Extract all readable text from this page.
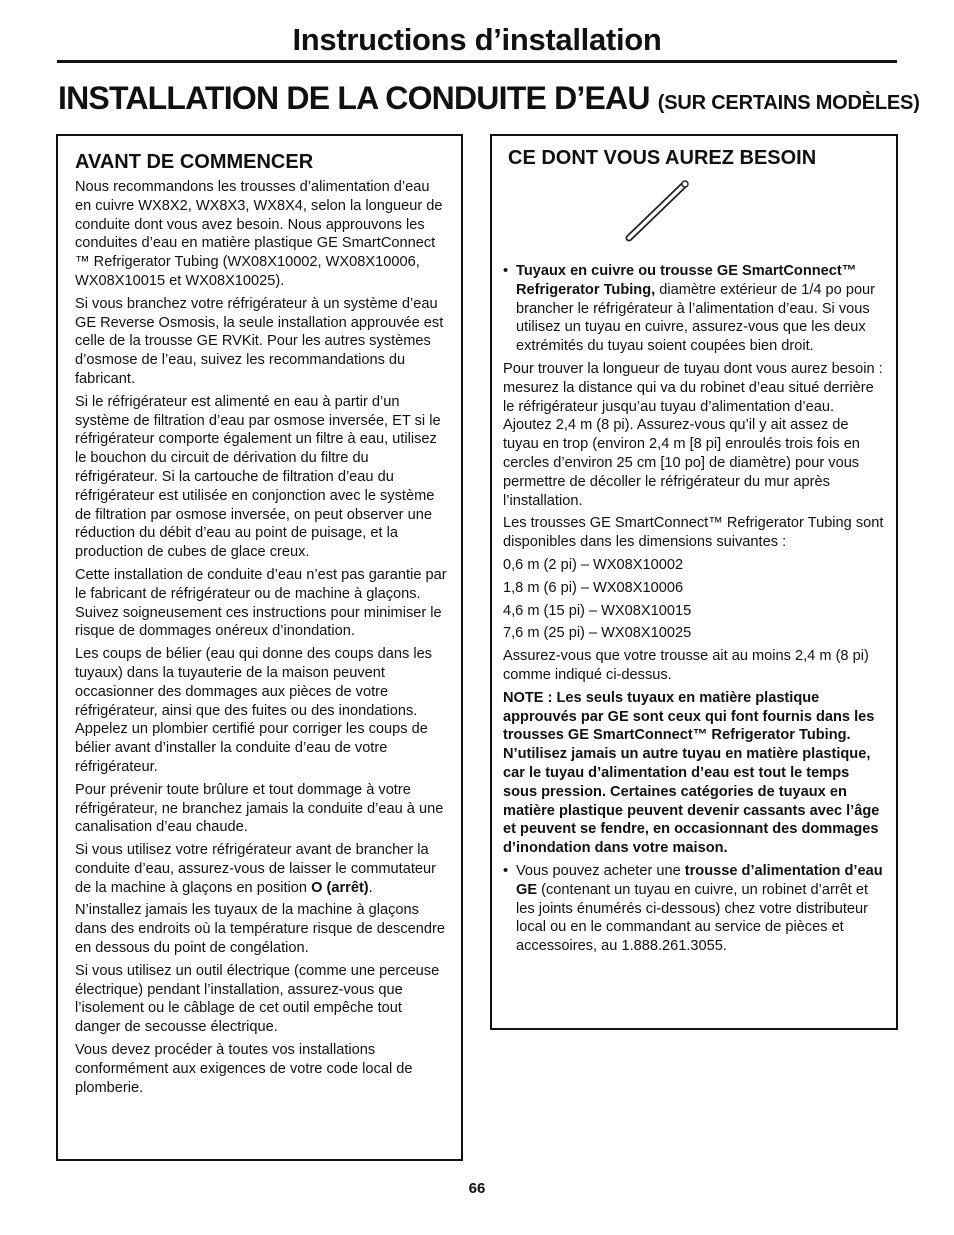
Instructions d’installation
INSTALLATION DE LA CONDUITE D’EAU (SUR CERTAINS MODÈLES)
AVANT DE COMMENCER

Nous recommandons les trousses d’alimentation d’eau en cuivre WX8X2, WX8X3, WX8X4, selon la longueur de conduite dont vous avez besoin. Nous approuvons les conduites d’eau en matière plastique GE SmartConnect ™ Refrigerator Tubing (WX08X10002, WX08X10006, WX08X10015 et WX08X10025).

Si vous branchez votre réfrigérateur à un système d’eau GE Reverse Osmosis, la seule installation approuvée est celle de la trousse GE RVKit. Pour les autres systèmes d’osmose de l’eau, suivez les recommandations du fabricant.

Si le réfrigérateur est alimenté en eau à partir d’un système de filtration d’eau par osmose inversée, ET si le réfrigérateur comporte également un filtre à eau, utilisez le bouchon du circuit de dérivation du filtre du réfrigérateur. Si la cartouche de filtration d’eau du réfrigérateur est utilisée en conjonction avec le système de filtration par osmose inversée, on peut observer une réduction du débit d’eau au point de puisage, et la production de cubes de glace creux.

Cette installation de conduite d’eau n’est pas garantie par le fabricant de réfrigérateur ou de machine à glaçons. Suivez soigneusement ces instructions pour minimiser le risque de dommages onéreux d’inondation.

Les coups de bélier (eau qui donne des coups dans les tuyaux) dans la tuyauterie de la maison peuvent occasionner des dommages aux pièces de votre réfrigérateur, ainsi que des fuites ou des inondations. Appelez un plombier certifié pour corriger les coups de bélier avant d’installer la conduite d’eau de votre réfrigérateur.

Pour prévenir toute brûlure et tout dommage à votre réfrigérateur, ne branchez jamais la conduite d’eau à une canalisation d’eau chaude.

Si vous utilisez votre réfrigérateur avant de brancher la conduite d’eau, assurez-vous de laisser le commutateur de la machine à glaçons en position O (arrêt).

N’installez jamais les tuyaux de la machine à glaçons dans des endroits où la température risque de descendre en dessous du point de congélation.

Si vous utilisez un outil électrique (comme une perceuse électrique) pendant l’installation, assurez-vous que l’isolement ou le câblage de cet outil empêche tout danger de secousse électrique.

Vous devez procéder à toutes vos installations conformément aux exigences de votre code local de plomberie.

CE DONT VOUS AUREZ BESOIN

• Tuyaux en cuivre ou trousse GE SmartConnect™ Refrigerator Tubing, diamètre extérieur de 1/4 po pour brancher le réfrigérateur à l’alimentation d’eau. Si vous utilisez un tuyau en cuivre, assurez-vous que les deux extrémités du tuyau soient coupées bien droit.

Pour trouver la longueur de tuyau dont vous aurez besoin : mesurez la distance qui va du robinet d’eau situé derrière le réfrigérateur jusqu’au tuyau d’alimentation d’eau. Ajoutez 2,4 m (8 pi). Assurez-vous qu’il y ait assez de tuyau en trop (environ 2,4 m [8 pi] enroulés trois fois en cercles d’environ 25 cm [10 po] de diamètre) pour vous permettre de décoller le réfrigérateur du mur après l’installation.

Les trousses GE SmartConnect™ Refrigerator Tubing sont disponibles dans les dimensions suivantes :

0,6 m (2 pi) – WX08X10002

1,8 m (6 pi) – WX08X10006

4,6 m (15 pi) – WX08X10015

7,6 m (25 pi) – WX08X10025

Assurez-vous que votre trousse ait au moins 2,4 m (8 pi) comme indiqué ci-dessus.

NOTE : Les seuls tuyaux en matière plastique approuvés par GE sont ceux qui font fournis dans les trousses GE SmartConnect™ Refrigerator Tubing. N’utilisez jamais un autre tuyau en matière plastique, car le tuyau d’alimentation d’eau est tout le temps sous pression. Certaines catégories de tuyaux en matière plastique peuvent devenir cassants avec l’âge et peuvent se fendre, en occasionnant des dommages d’inondation dans votre maison.

• Vous pouvez acheter une trousse d’alimentation d’eau GE (contenant un tuyau en cuivre, un robinet d’arrêt et les joints énumérés ci-dessous) chez votre distributeur local ou en le commandant au service de pièces et accessoires, au 1.888.261.3055.

66
